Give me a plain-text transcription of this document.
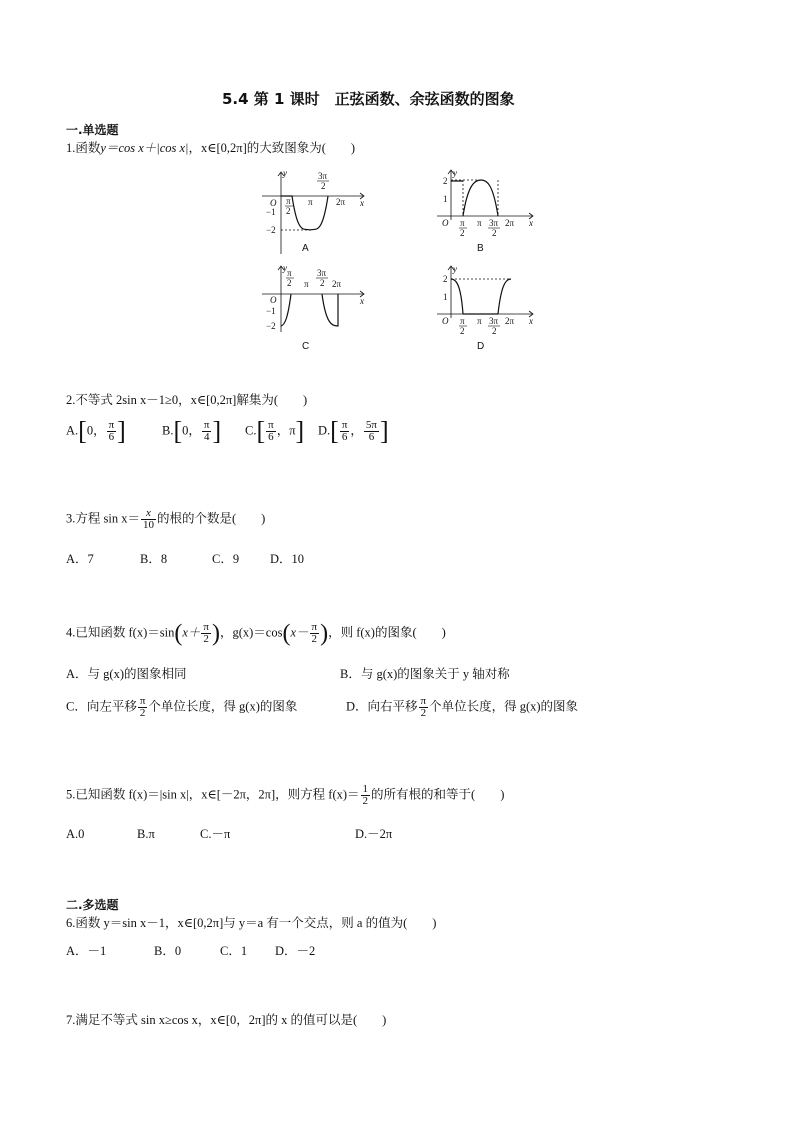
5.4 第 1 课时　正弦函数、余弦函数的图象
一.单选题
1.函数y＝cos x＋|cos x|，x∈[0,2π]的大致图象为(　　)
y
x
O
−1
−2
π
2
π
3π
2
2π
A
y
x
2
1
O π
2
π 3π
2
2π
B
y
x
O
−1
−2
π
2 π
3π
2 2π
C
y
x
2
1
O π
2
π 3π
2
2π
D
2.不等式 2sin x－1≥0，x∈[0,2π]解集为(　　)
A.[0， $\frac{\pi}{6}$ ]	B.[0， $\frac{\pi}{4}$ ] $C.[ \frac{\pi}{6}$ ，π] $D.[ \frac{\pi}{6}$ ， $\frac{5\pi}{6}$ ]
3.方程 $\sin x= \frac{x}{10}$ 的根的个数是(　　)
A．7	B．8	C．9 D．10
4.已知函数 $f(x)=\sin(x+ \frac{\pi}{2}$ )，$g(x)=\cos(x- \frac{\pi}{2}$ )，则 f(x)的图象(　　)
A．与 g(x)的图象相同	B．与 g(x)的图象关于 y 轴对称
C．向左平移 $\frac{\pi}{2}$ 个单位长度，得 g(x)的图象	D．向右平移 $\frac{\pi}{2}$ 个单位长度，得 g(x)的图象
5.已知函数 f(x)＝|sin x|，x∈[－2π，2π]，则方程 $f(x)= \frac{1}{2}$ 的所有根的和等于(　　)
A.0	B.π	C.－π	D.－2π
二.多选题
6.函数 y＝sin x－1，x∈[0,2π]与 y＝a 有一个交点，则 a 的值为(　　)
A．－1	B．0	C．1 D．－2
7.满足不等式 sin x≥cos x，x∈[0，2π]的 x 的值可以是(　　)
